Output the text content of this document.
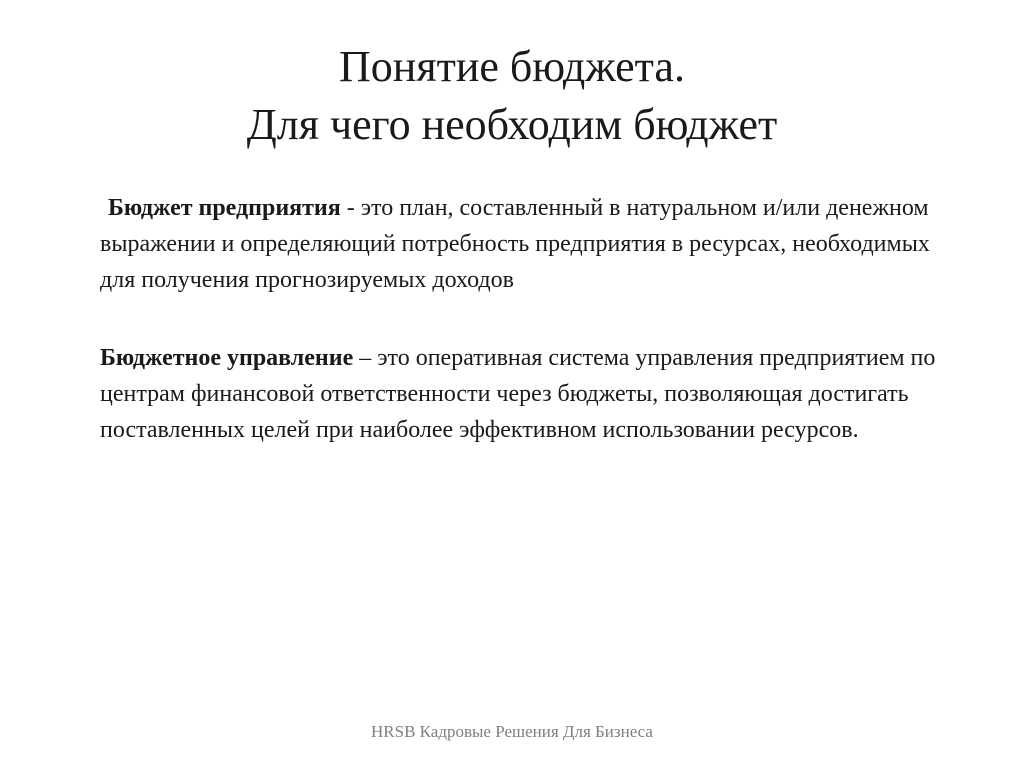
Понятие бюджета.
Для чего необходим бюджет

Бюджет предприятия - это план, составленный в натуральном и/или денежном выражении и определяющий потребность предприятия в ресурсах, необходимых для получения прогнозируемых доходов

Бюджетное управление – это оперативная система управления предприятием по центрам финансовой ответственности через бюджеты, позволяющая достигать поставленных целей при наиболее эффективном использовании ресурсов.

HRSB Кадровые Решения Для Бизнеса
